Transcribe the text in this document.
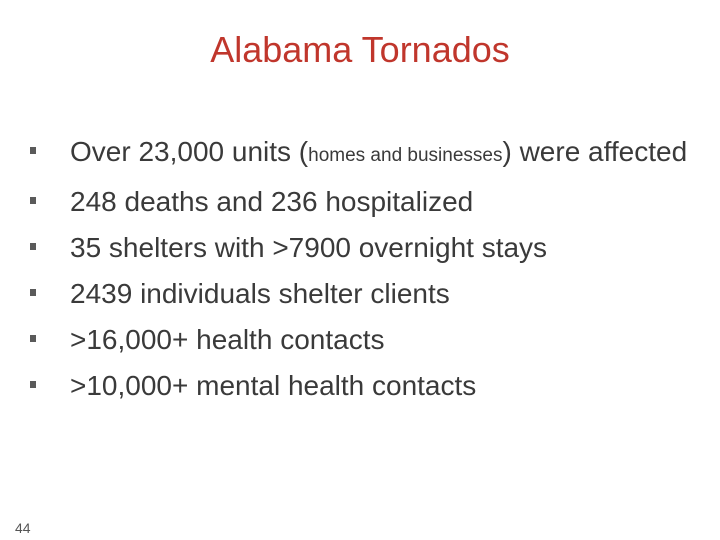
Alabama Tornados
Over 23,000 units (homes and businesses) were affected
248 deaths and 236 hospitalized
35 shelters with >7900 overnight stays
2439 individuals shelter clients
>16,000+ health contacts
>10,000+ mental health contacts
44
